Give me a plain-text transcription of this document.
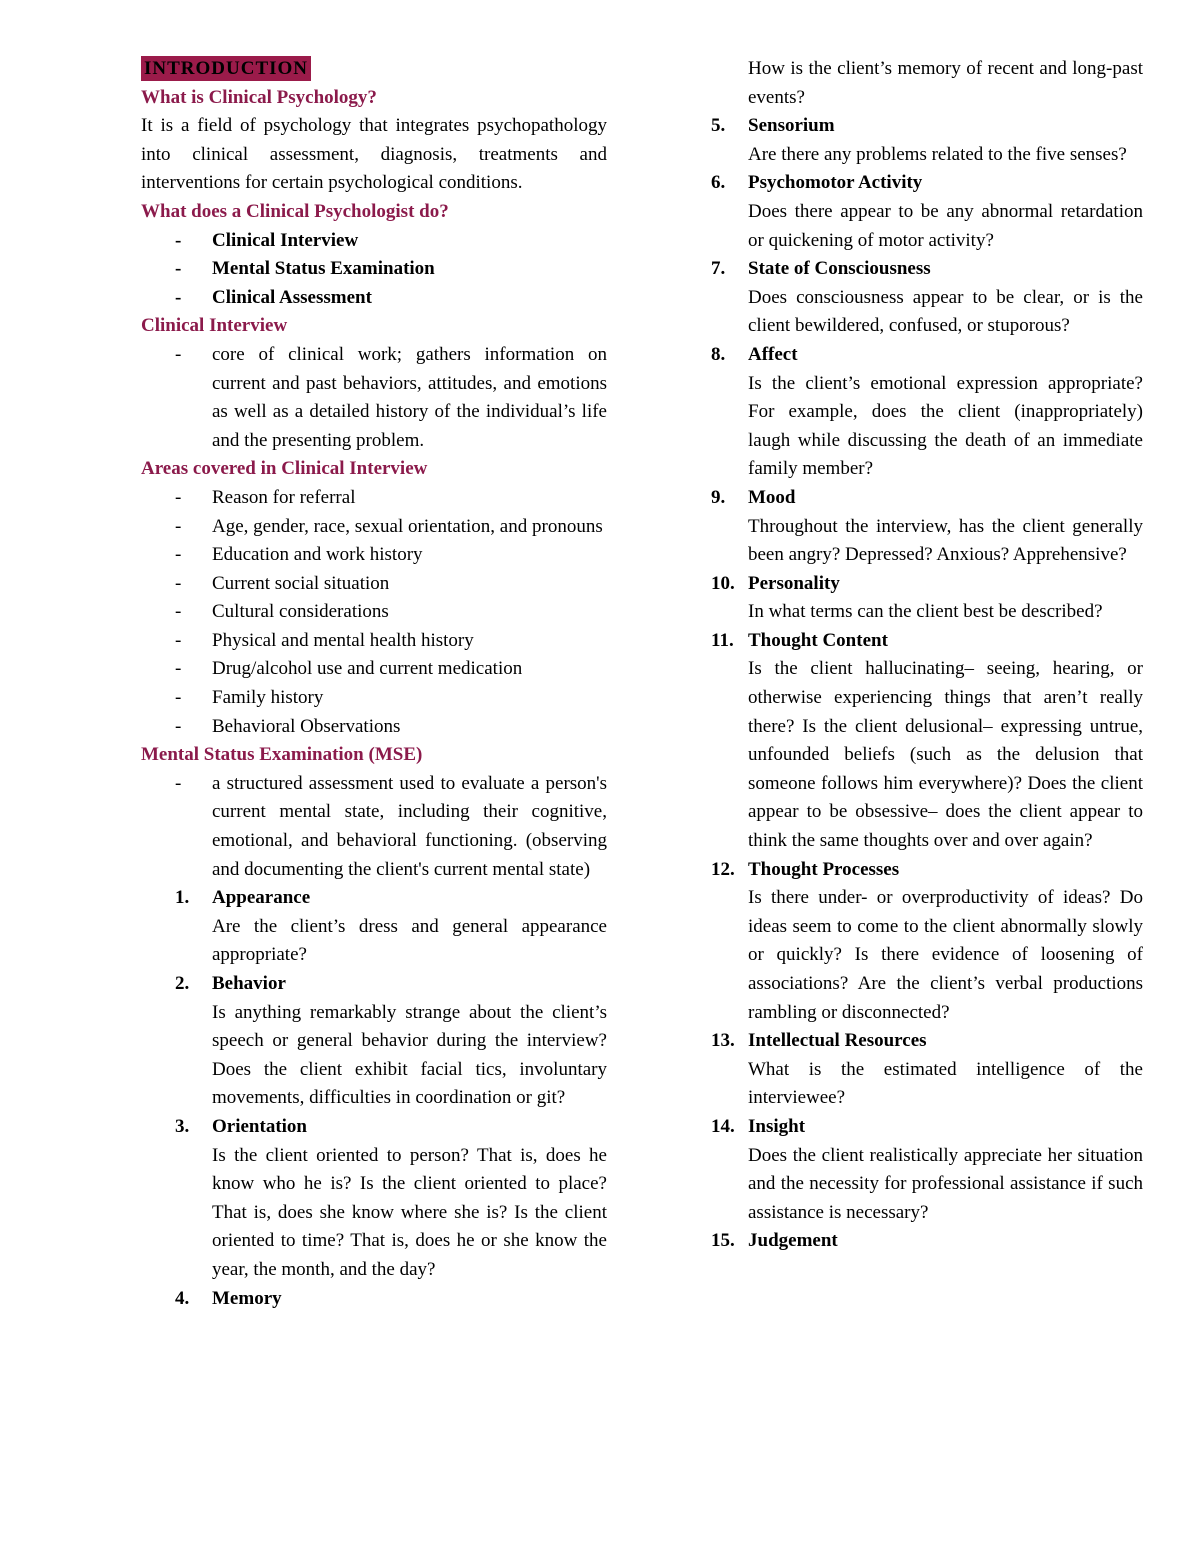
INTRODUCTION

What is Clinical Psychology?

It is a field of psychology that integrates psychopathology into clinical assessment, diagnosis, treatments and interventions for certain psychological conditions.

What does a Clinical Psychologist do?

- Clinical Interview
- Mental Status Examination
- Clinical Assessment

Clinical Interview

- core of clinical work; gathers information on current and past behaviors, attitudes, and emotions as well as a detailed history of the individual’s life and the presenting problem.

Areas covered in Clinical Interview

- Reason for referral
- Age, gender, race, sexual orientation, and pronouns
- Education and work history
- Current social situation
- Cultural considerations
- Physical and mental health history
- Drug/alcohol use and current medication
- Family history
- Behavioral Observations

Mental Status Examination (MSE)

- a structured assessment used to evaluate a person's current mental state, including their cognitive, emotional, and behavioral functioning. (observing and documenting the client's current mental state)
1. Appearance
Are the client’s dress and general appearance appropriate?
2. Behavior
Is anything remarkably strange about the client’s speech or general behavior during the interview? Does the client exhibit facial tics, involuntary movements, difficulties in coordination or git?
3. Orientation
Is the client oriented to person? That is, does he know who he is? Is the client oriented to place? That is, does she know where she is? Is the client oriented to time? That is, does he or she know the year, the month, and the day?
4. Memory

How is the client’s memory of recent and long-past events?

5. Sensorium
Are there any problems related to the five senses?
6. Psychomotor Activity
Does there appear to be any abnormal retardation or quickening of motor activity?
7. State of Consciousness
Does consciousness appear to be clear, or is the client bewildered, confused, or stuporous?
8. Affect
Is the client’s emotional expression appropriate? For example, does the client (inappropriately) laugh while discussing the death of an immediate family member?
9. Mood
Throughout the interview, has the client generally been angry? Depressed? Anxious? Apprehensive?
10. Personality
In what terms can the client best be described?
11. Thought Content
Is the client hallucinating– seeing, hearing, or otherwise experiencing things that aren’t really there? Is the client delusional– expressing untrue, unfounded beliefs (such as the delusion that someone follows him everywhere)? Does the client appear to be obsessive– does the client appear to think the same thoughts over and over again?
12. Thought Processes
Is there under- or overproductivity of ideas? Do ideas seem to come to the client abnormally slowly or quickly? Is there evidence of loosening of associations? Are the client’s verbal productions rambling or disconnected?
13. Intellectual Resources
What is the estimated intelligence of the interviewee?
14. Insight
Does the client realistically appreciate her situation and the necessity for professional assistance if such assistance is necessary?
15. Judgement
